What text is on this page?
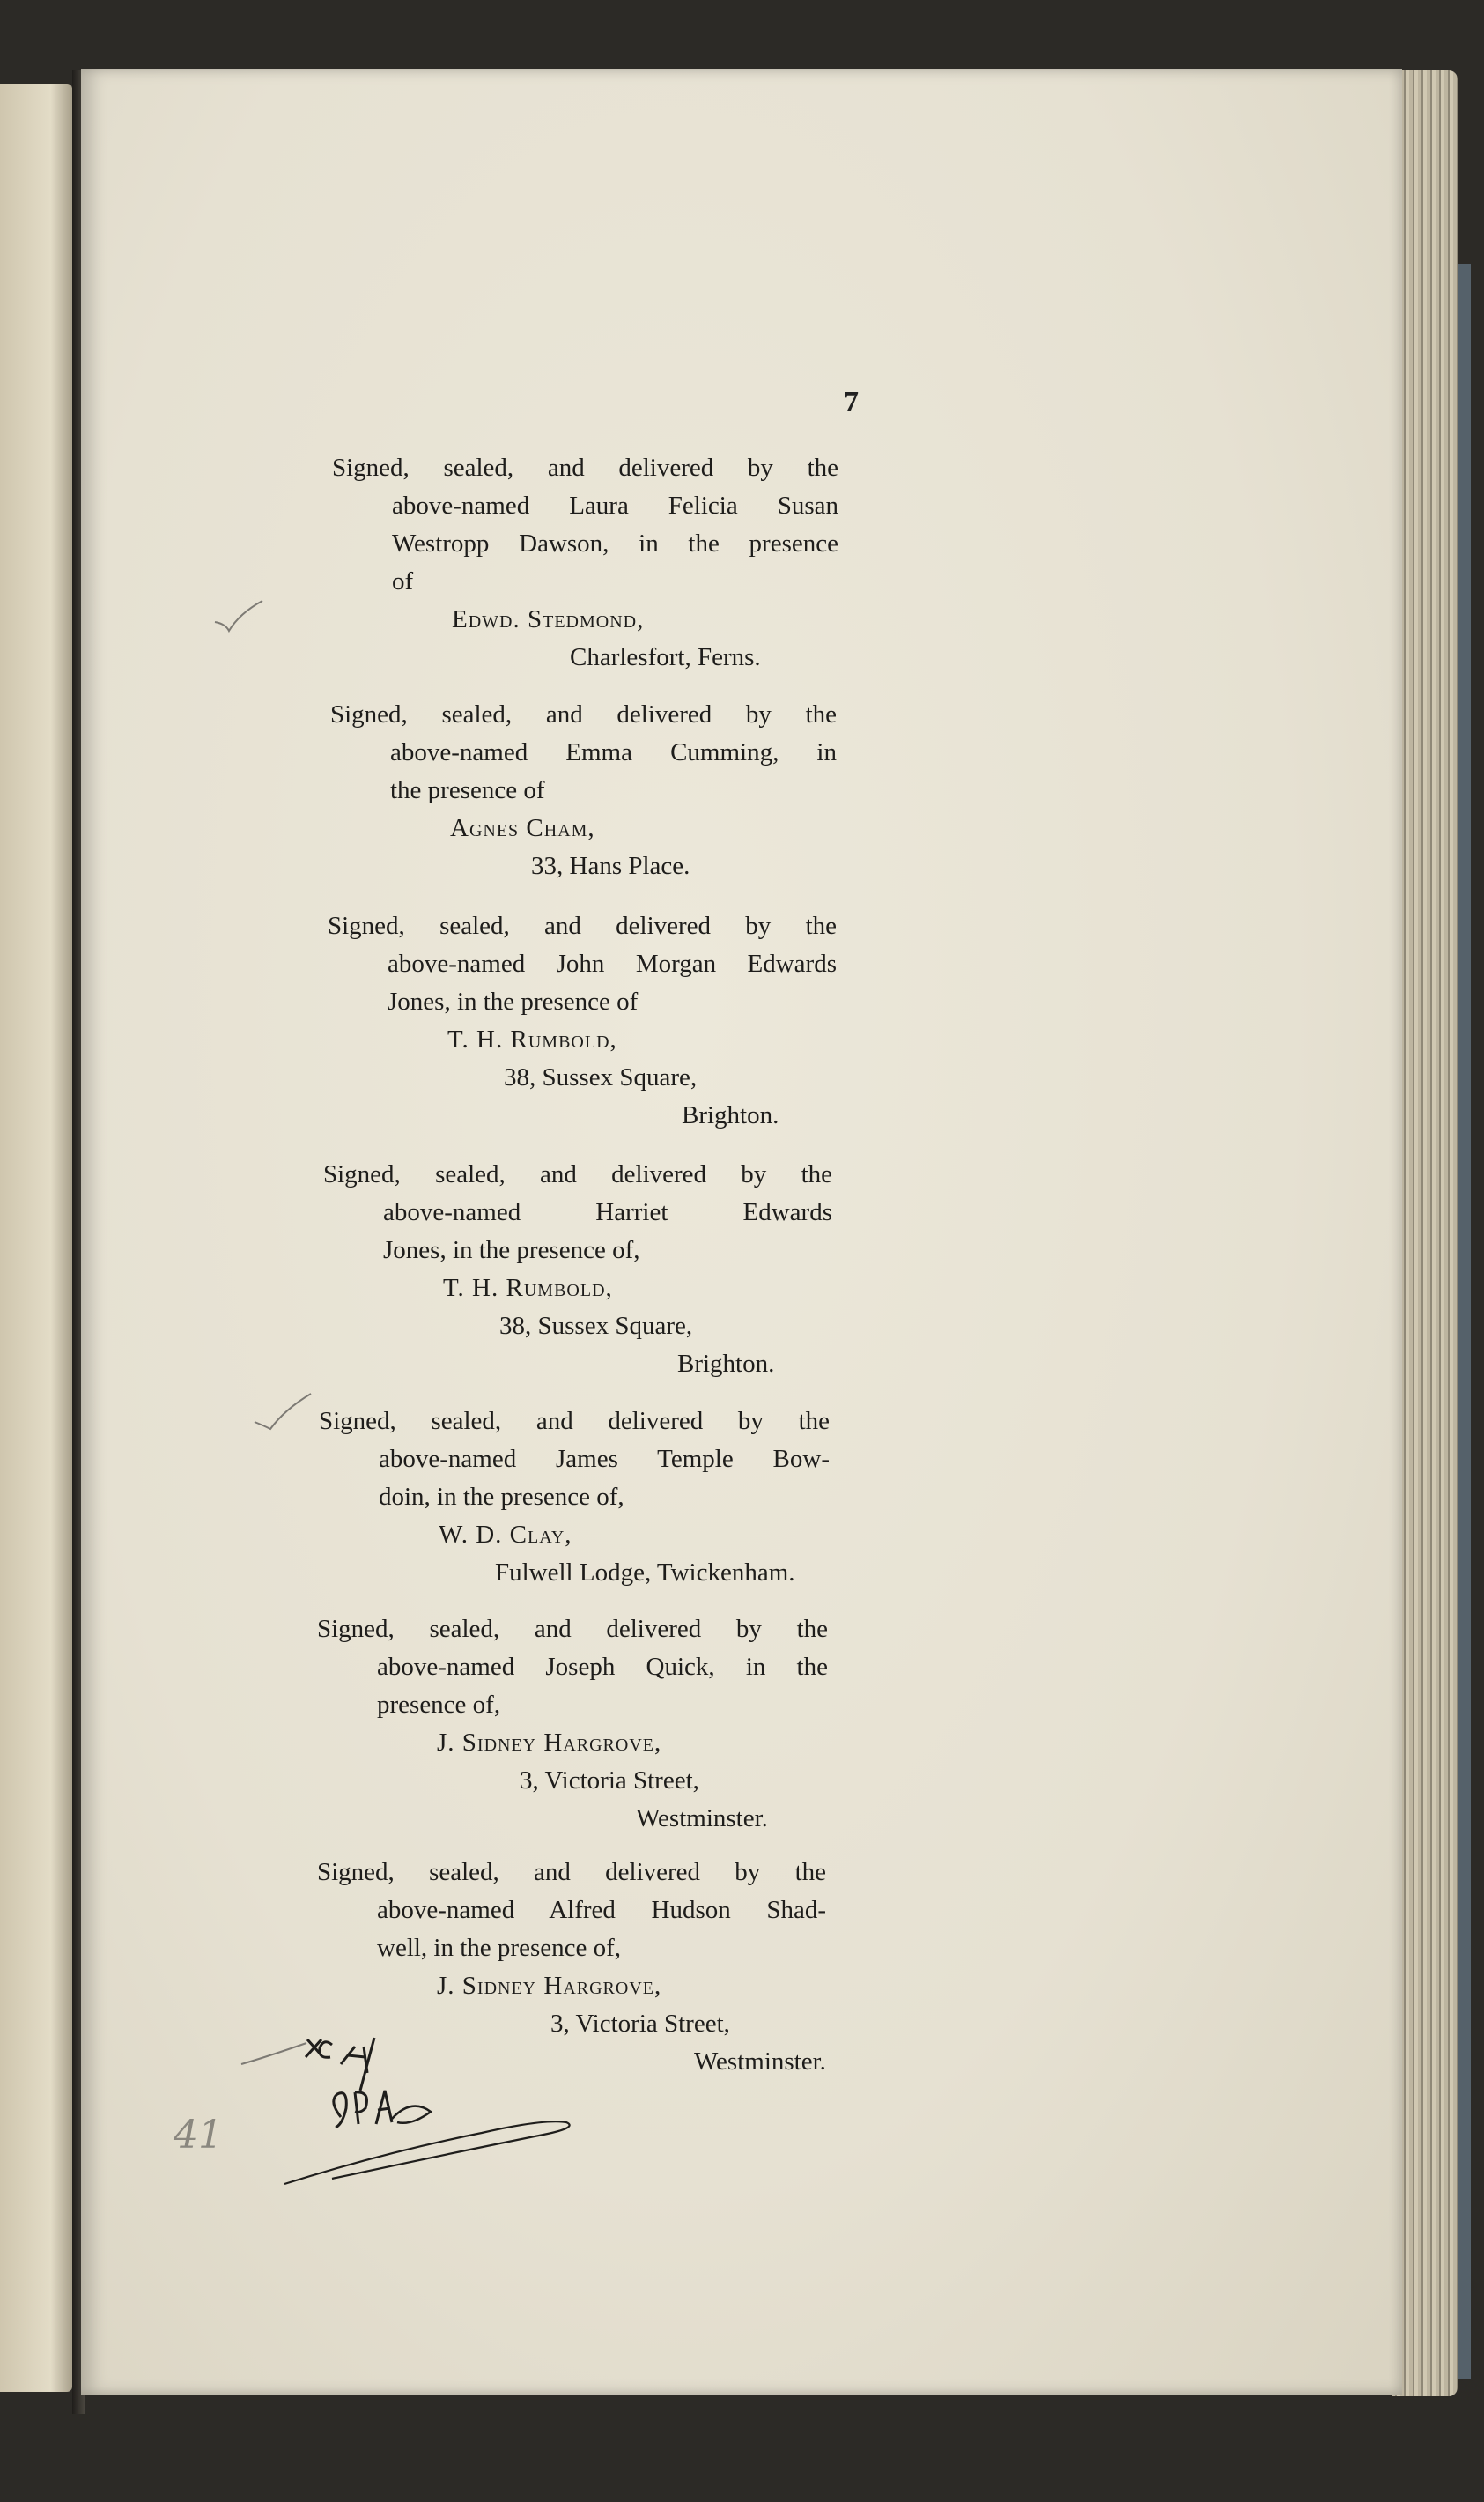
7
Signed, sealed, and delivered by the
above-named Laura Felicia Susan
Westropp Dawson, in the presence
of
Edwd. Stedmond,
Charlesfort, Ferns.
Signed, sealed, and delivered by the
above-named Emma Cumming, in
the presence of
Agnes Cham,
33, Hans Place.
Signed, sealed, and delivered by the
above-named John Morgan Edwards
Jones, in the presence of
T. H. Rumbold,
38, Sussex Square,
Brighton.
Signed, sealed, and delivered by the
above-named Harriet Edwards
Jones, in the presence of,
T. H. Rumbold,
38, Sussex Square,
Brighton.
Signed, sealed, and delivered by the
above-named James Temple Bow-
doin, in the presence of,
W. D. Clay,
Fulwell Lodge, Twickenham.
Signed, sealed, and delivered by the
above-named Joseph Quick, in the
presence of,
J. Sidney Hargrove,
3, Victoria Street,
Westminster.
Signed, sealed, and delivered by the
above-named Alfred Hudson Shad-
well, in the presence of,
J. Sidney Hargrove,
3, Victoria Street,
Westminster.
41
